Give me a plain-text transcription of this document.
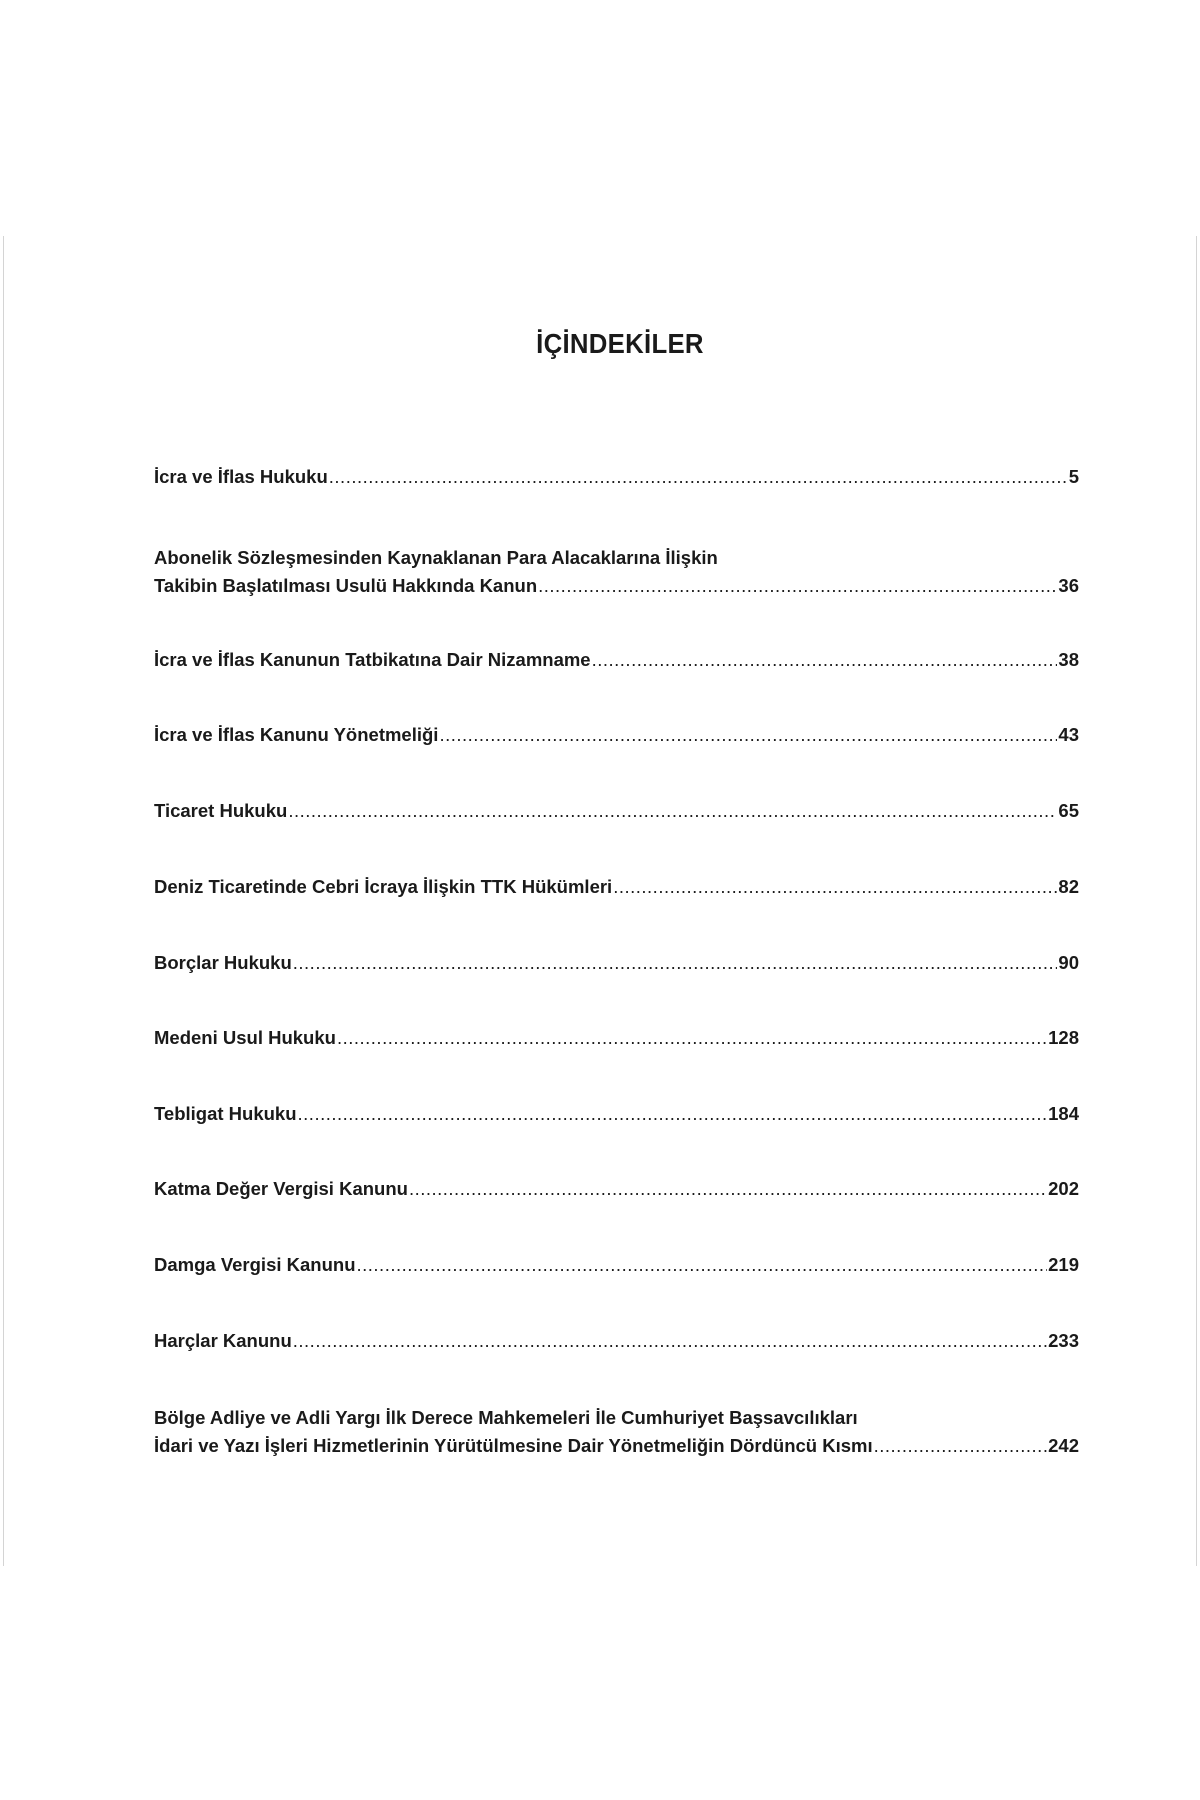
İÇİNDEKİLER
İcra ve İflas Hukuku .....	5
Abonelik Sözleşmesinden Kaynaklanan Para Alacaklarına İlişkin
Takibin Başlatılması Usulü Hakkında Kanun .....	36
İcra ve İflas Kanunun Tatbikatına Dair Nizamname .....	38
İcra ve İflas Kanunu Yönetmeliği .....	43
Ticaret Hukuku .....	65
Deniz Ticaretinde Cebri İcraya İlişkin TTK Hükümleri .....	82
Borçlar Hukuku .....	90
Medeni Usul Hukuku .....	128
Tebligat Hukuku .....	184
Katma Değer Vergisi Kanunu .....	202
Damga Vergisi Kanunu .....	219
Harçlar Kanunu .....	233
Bölge Adliye ve Adli Yargı İlk Derece Mahkemeleri İle Cumhuriyet Başsavcılıkları
İdari ve Yazı İşleri Hizmetlerinin Yürütülmesine Dair Yönetmeliğin Dördüncü Kısmı .....	242
